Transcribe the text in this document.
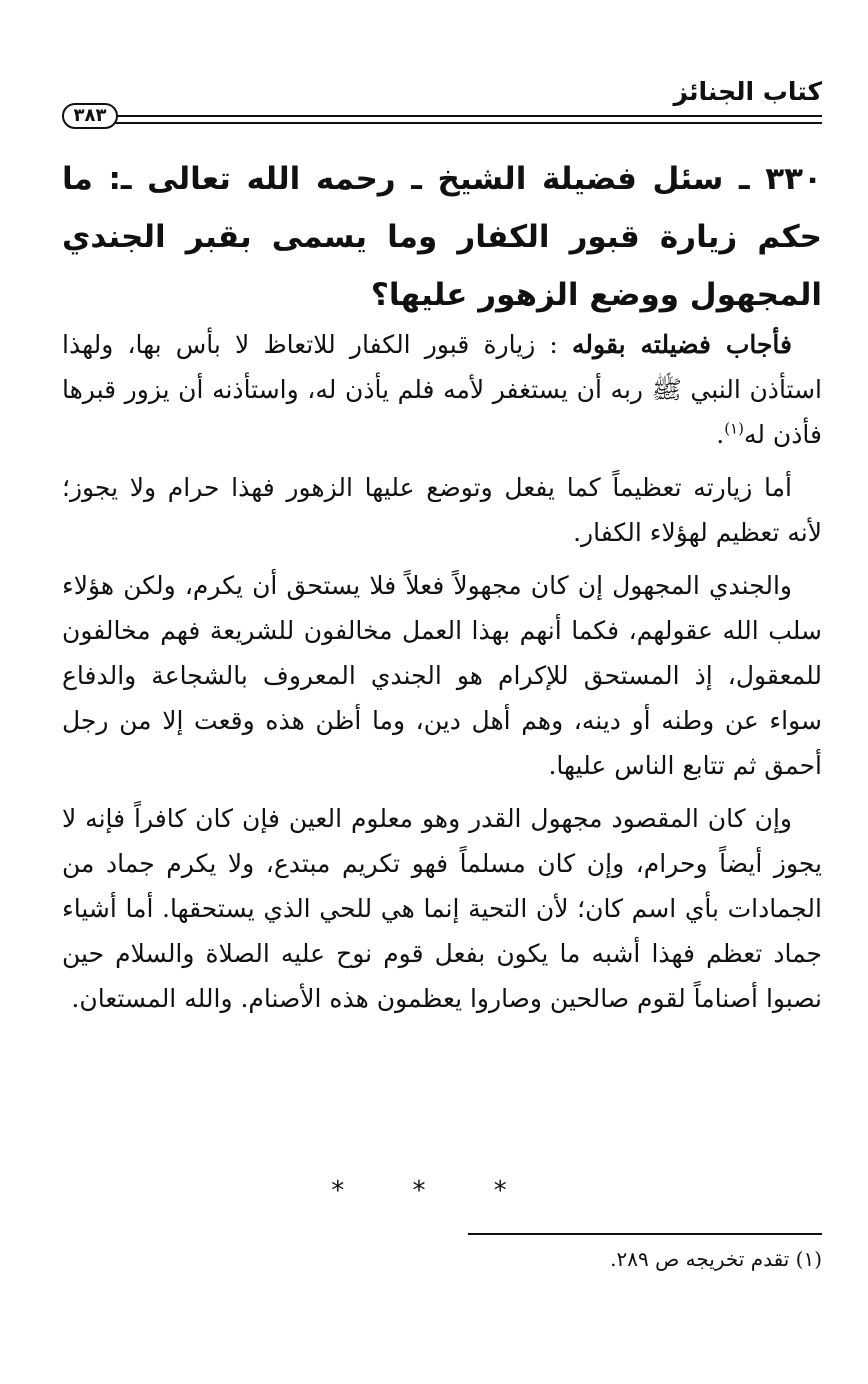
كتاب الجنائز
٣٨٣

٣٣٠ ـ سئل فضيلة الشيخ ـ رحمه الله تعالى ـ: ما حكم زيارة قبور الكفار وما يسمى بقبر الجندي المجهول ووضع الزهور عليها؟

فأجاب فضيلته بقوله : زيارة قبور الكفار للاتعاظ لا بأس بها، ولهذا استأذن النبي ﷺ ربه أن يستغفر لأمه فلم يأذن له، واستأذنه أن يزور قبرها فأذن له$^{(١)}$.

أما زيارته تعظيماً كما يفعل وتوضع عليها الزهور فهذا حرام ولا يجوز؛ لأنه تعظيم لهؤلاء الكفار.

والجندي المجهول إن كان مجهولاً فعلاً فلا يستحق أن يكرم، ولكن هؤلاء سلب الله عقولهم، فكما أنهم بهذا العمل مخالفون للشريعة فهم مخالفون للمعقول، إذ المستحق للإكرام هو الجندي المعروف بالشجاعة والدفاع سواء عن وطنه أو دينه، وهم أهل دين، وما أظن هذه وقعت إلا من رجل أحمق ثم تتابع الناس عليها.

وإن كان المقصود مجهول القدر وهو معلوم العين فإن كان كافراً فإنه لا يجوز أيضاً وحرام، وإن كان مسلماً فهو تكريم مبتدع، ولا يكرم جماد من الجمادات بأي اسم كان؛ لأن التحية إنما هي للحي الذي يستحقها. أما أشياء جماد تعظم فهذا أشبه ما يكون بفعل قوم نوح عليه الصلاة والسلام حين نصبوا أصناماً لقوم صالحين وصاروا يعظمون هذه الأصنام. والله المستعان.

* * *
(١) تقدم تخريجه ص ٢٨٩.
